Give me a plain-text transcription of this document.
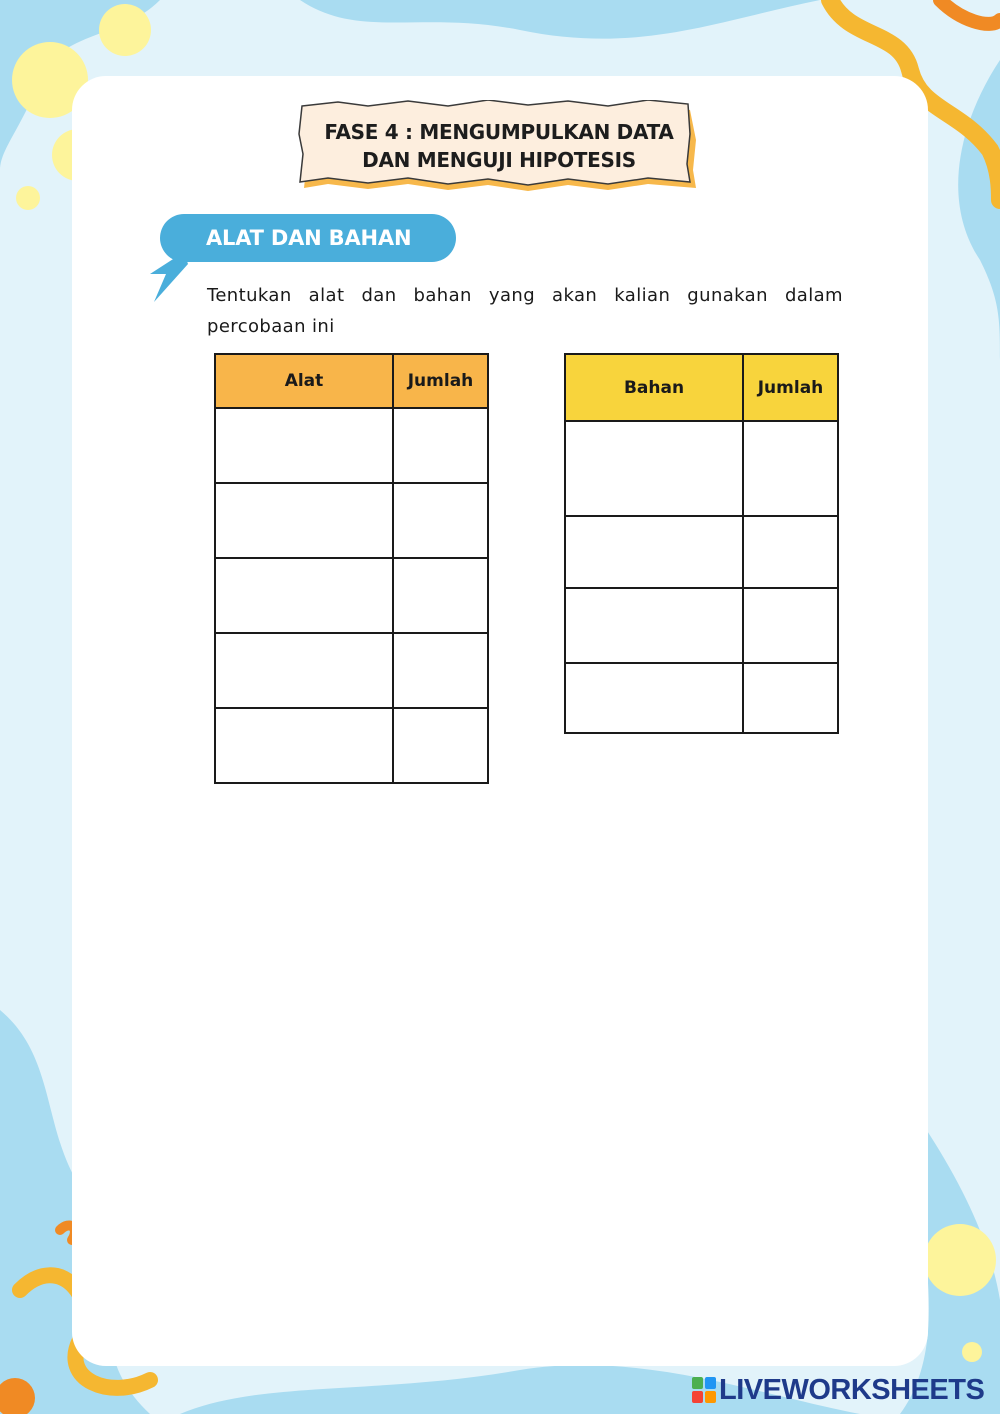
FASE 4 : MENGUMPULKAN DATA
DAN MENGUJI HIPOTESIS
ALAT DAN BAHAN
Tentukan alat dan bahan yang akan kalian gunakan dalam percobaan ini
Alat	Jumlah

		Bahan	Jumlah

LIVEWORKSHEETS
